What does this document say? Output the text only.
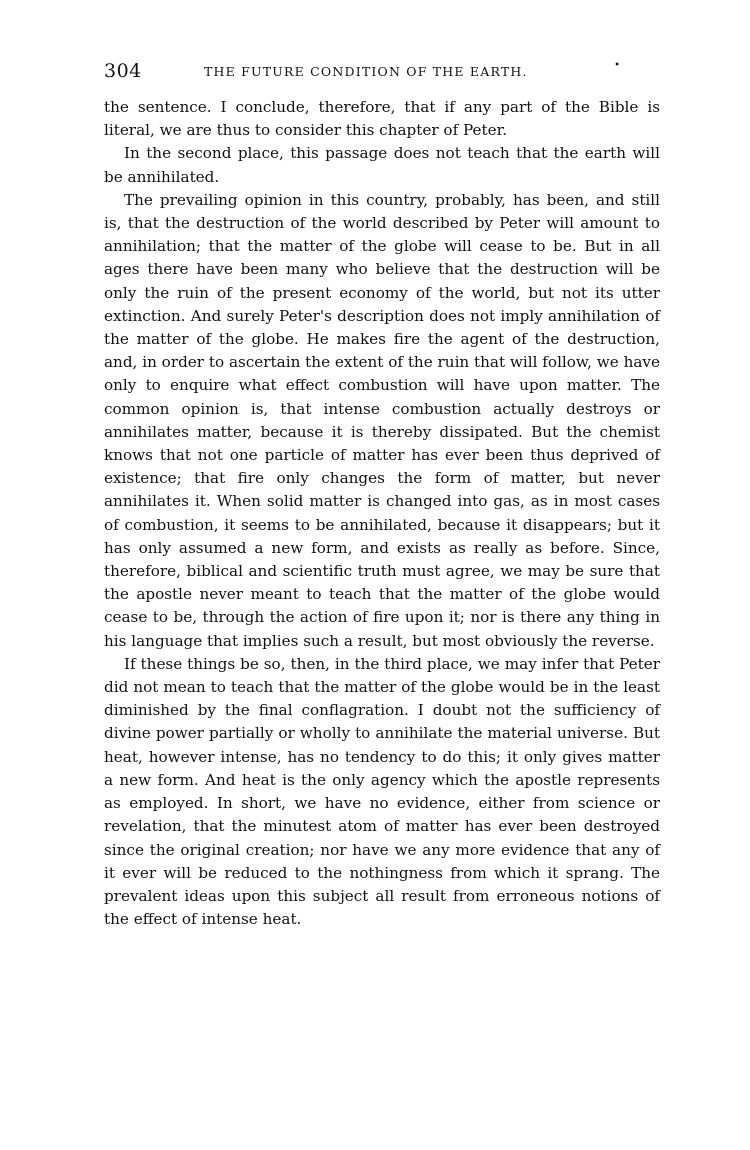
304	THE FUTURE CONDITION OF THE EARTH.	•

the sentence. I conclude, therefore, that if any part of the Bible is literal, we are thus to consider this chapter of Peter.

In the second place, this passage does not teach that the earth will be annihilated.

The prevailing opinion in this country, probably, has been, and still is, that the destruction of the world described by Peter will amount to annihilation; that the matter of the globe will cease to be. But in all ages there have been many who believe that the destruction will be only the ruin of the present economy of the world, but not its utter extinction. And surely Peter's description does not imply annihilation of the matter of the globe. He makes fire the agent of the destruction, and, in order to ascertain the extent of the ruin that will follow, we have only to enquire what effect combustion will have upon matter. The common opinion is, that intense combustion actually destroys or annihilates matter, because it is thereby dissipated. But the chemist knows that not one particle of matter has ever been thus deprived of existence; that fire only changes the form of matter, but never annihilates it. When solid matter is changed into gas, as in most cases of combustion, it seems to be annihilated, because it disappears; but it has only assumed a new form, and exists as really as before. Since, therefore, biblical and scientific truth must agree, we may be sure that the apostle never meant to teach that the matter of the globe would cease to be, through the action of fire upon it; nor is there any thing in his language that implies such a result, but most obviously the reverse.

If these things be so, then, in the third place, we may infer that Peter did not mean to teach that the matter of the globe would be in the least diminished by the final conflagration. I doubt not the sufficiency of divine power partially or wholly to annihilate the material universe. But heat, however intense, has no tendency to do this; it only gives matter a new form. And heat is the only agency which the apostle represents as employed. In short, we have no evidence, either from science or revelation, that the minutest atom of matter has ever been destroyed since the original creation; nor have we any more evidence that any of it ever will be reduced to the nothingness from which it sprang. The prevalent ideas upon this subject all result from erroneous notions of the effect of intense heat.
